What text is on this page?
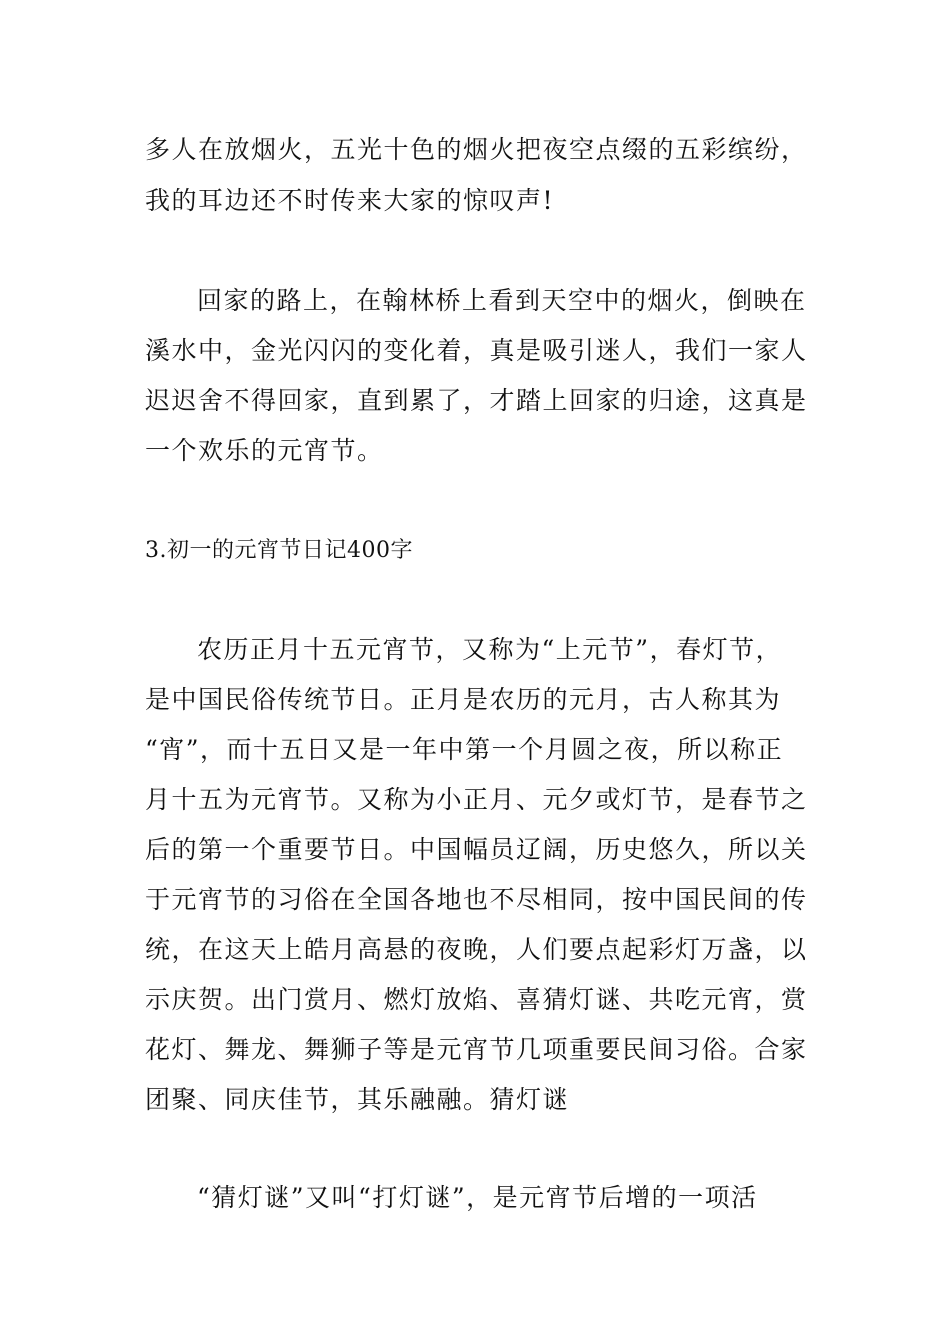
多人在放烟火，五光十色的烟火把夜空点缀的五彩缤纷，
我的耳边还不时传来大家的惊叹声!
回家的路上，在翰林桥上看到天空中的烟火，倒映在
溪水中，金光闪闪的变化着，真是吸引迷人，我们一家人
迟迟舍不得回家，直到累了，才踏上回家的归途，这真是
一个欢乐的元宵节。
3.初一的元宵节日记400字
农历正月十五元宵节，又称为“上元节”，春灯节，
是中国民俗传统节日。正月是农历的元月，古人称其为
“宵”，而十五日又是一年中第一个月圆之夜，所以称正
月十五为元宵节。又称为小正月、元夕或灯节，是春节之
后的第一个重要节日。中国幅员辽阔，历史悠久，所以关
于元宵节的习俗在全国各地也不尽相同，按中国民间的传
统，在这天上皓月高悬的夜晚，人们要点起彩灯万盏，以
示庆贺。出门赏月、燃灯放焰、喜猜灯谜、共吃元宵，赏
花灯、舞龙、舞狮子等是元宵节几项重要民间习俗。合家
团聚、同庆佳节，其乐融融。猜灯谜
“猜灯谜”又叫“打灯谜”，是元宵节后增的一项活
